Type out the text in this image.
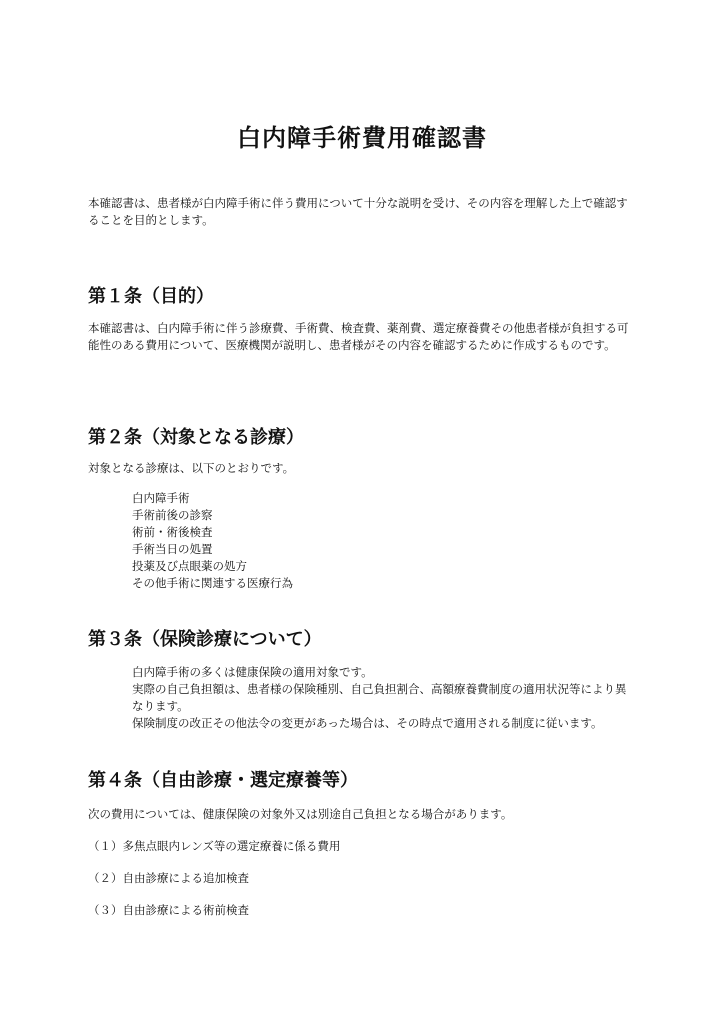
白内障手術費用確認書

本確認書は、患者様が白内障手術に伴う費用について十分な説明を受け、その内容を理解した上で確認することを目的とします。

第１条（目的）

本確認書は、白内障手術に伴う診療費、手術費、検査費、薬剤費、選定療養費その他患者様が負担する可能性のある費用について、医療機関が説明し、患者様がその内容を確認するために作成するものです。

第２条（対象となる診療）

対象となる診療は、以下のとおりです。

白内障手術
手術前後の診察
術前・術後検査
手術当日の処置
投薬及び点眼薬の処方
その他手術に関連する医療行為
第３条（保険診療について）
白内障手術の多くは健康保険の適用対象です。
実際の自己負担額は、患者様の保険種別、自己負担割合、高額療養費制度の適用状況等により異なります。
保険制度の改正その他法令の変更があった場合は、その時点で適用される制度に従います。
第４条（自由診療・選定療養等）

次の費用については、健康保険の対象外又は別途自己負担となる場合があります。

（１）多焦点眼内レンズ等の選定療養に係る費用

（２）自由診療による追加検査

（３）自由診療による術前検査
